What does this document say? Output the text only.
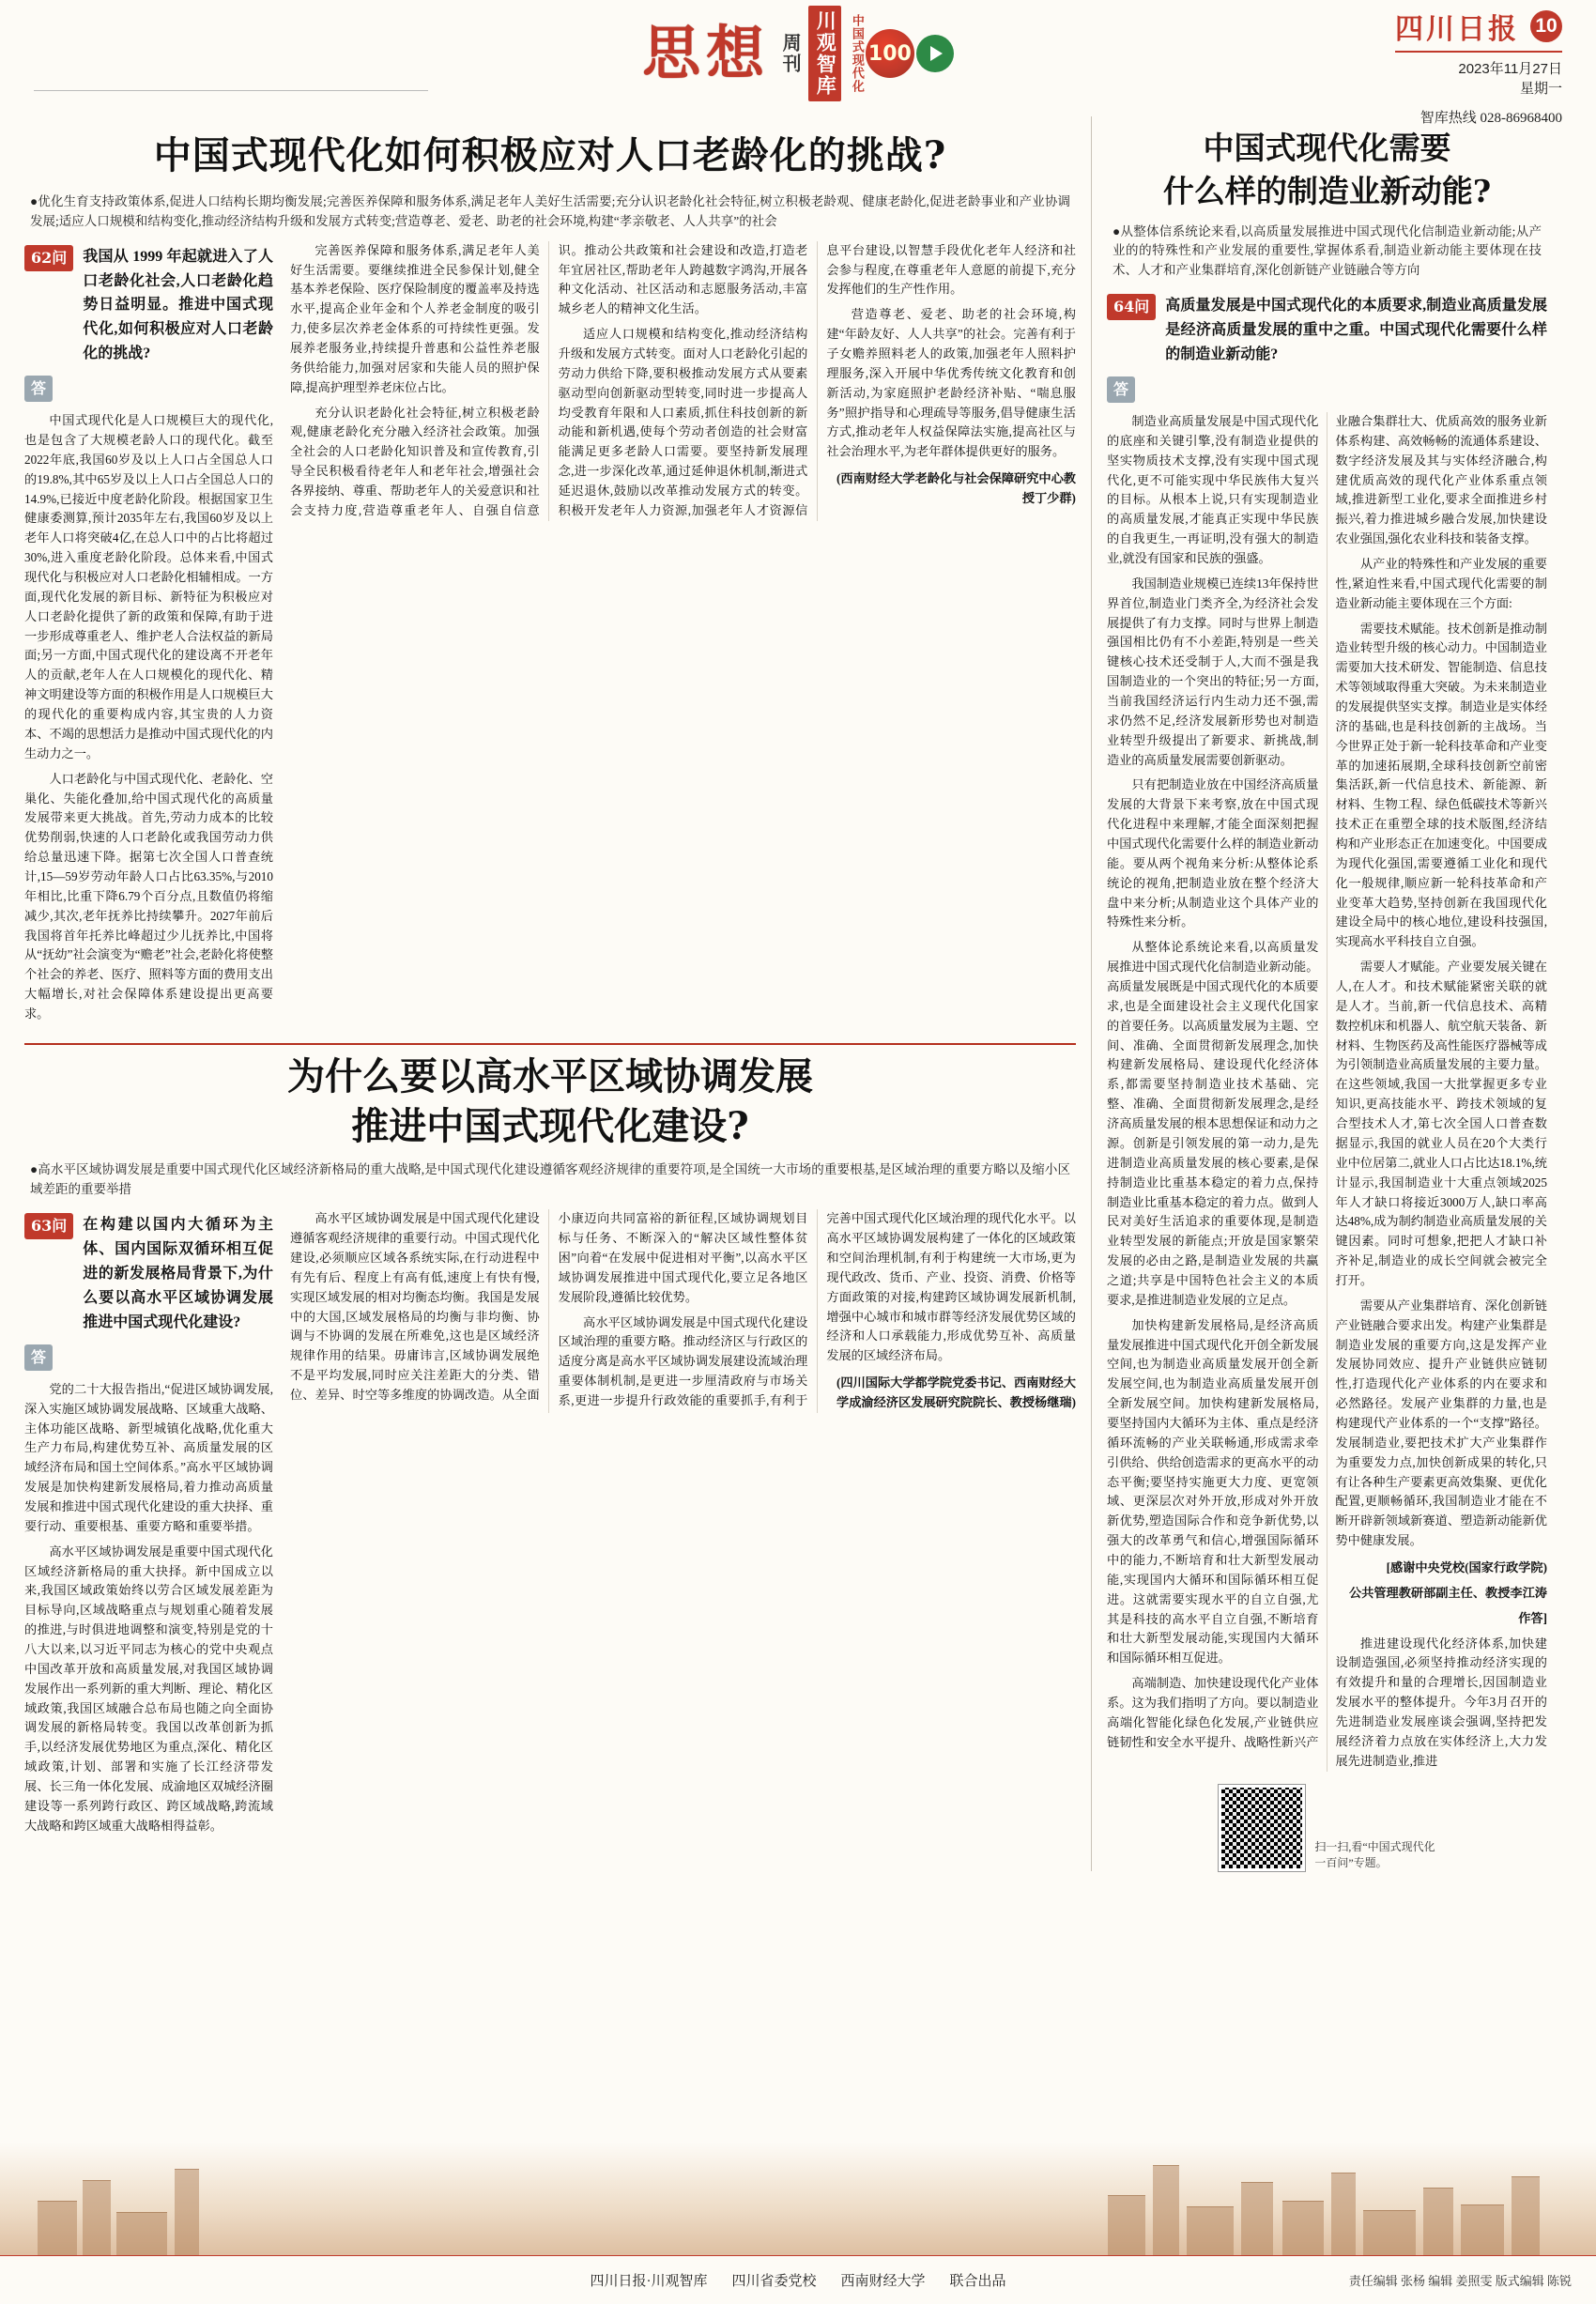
思想 周刊 川观智库	中国式现代化 100
四川日报 10
2023年11月27日
星期一
智库热线 028-86968400
中国式现代化如何积极应对人口老龄化的挑战?
●优化生育支持政策体系,促进人口结构长期均衡发展;完善医养保障和服务体系,满足老年人美好生活需要;充分认识老龄化社会特征,树立积极老龄观、健康老龄化,促进老龄事业和产业协调发展;适应人口规模和结构变化,推动经济结构升级和发展方式转变;营造尊老、爱老、助老的社会环境,构建“孝亲敬老、人人共享”的社会
62问	我国从 1999 年起就进入了人口老龄化社会,人口老龄化趋势日益明显。推进中国式现代化,如何积极应对人口老龄化的挑战?
答

中国式现代化是人口规模巨大的现代化,也是包含了大规模老龄人口的现代化。截至2022年底,我国60岁及以上人口占全国总人口的19.8%,其中65岁及以上人口占全国总人口的14.9%,已接近中度老龄化阶段。根据国家卫生健康委测算,预计2035年左右,我国60岁及以上老年人口将突破4亿,在总人口中的占比将超过30%,进入重度老龄化阶段。总体来看,中国式现代化与积极应对人口老龄化相辅相成。一方面,现代化发展的新目标、新特征为积极应对人口老龄化提供了新的政策和保障,有助于进一步形成尊重老人、维护老人合法权益的新局面;另一方面,中国式现代化的建设离不开老年人的贡献,老年人在人口规模化的现代化、精神文明建设等方面的积极作用是人口规模巨大的现代化的重要构成内容,其宝贵的人力资本、不竭的思想活力是推动中国式现代化的内生动力之一。

人口老龄化与中国式现代化、老龄化、空巢化、失能化叠加,给中国式现代化的高质量发展带来更大挑战。首先,劳动力成本的比较优势削弱,快速的人口老龄化或我国劳动力供给总量迅速下降。据第七次全国人口普查统计,15—59岁劳动年龄人口占比63.35%,与2010年相比,比重下降6.79个百分点,且数值仍将缩减少,其次,老年抚养比持续攀升。2027年前后我国将首年托养比峰超过少儿抚养比,中国将从“抚幼”社会演变为“赡老”社会,老龄化将使整个社会的养老、医疗、照料等方面的费用支出大幅增长,对社会保障体系建设提出更高要求。

完善医养保障和服务体系,满足老年人美好生活需要。要继续推进全民参保计划,健全基本养老保险、医疗保险制度的覆盖率及持选水平,提高企业年金和个人养老金制度的吸引力,使多层次养老金体系的可持续性更强。发展养老服务业,持续提升普惠和公益性养老服务供给能力,加强对居家和失能人员的照护保障,提高护理型养老床位占比。

充分认识老龄化社会特征,树立积极老龄观,健康老龄化充分融入经济社会政策。加强全社会的人口老龄化知识普及和宣传教育,引导全民积极看待老年人和老年社会,增强社会各界接纳、尊重、帮助老年人的关爱意识和社会支持力度,营造尊重老年人、自强自信意识。推动公共政策和社会建设和改造,打造老年宜居社区,帮助老年人跨越数字鸿沟,开展各种文化活动、社区活动和志愿服务活动,丰富城乡老人的精神文化生活。

适应人口规模和结构变化,推动经济结构升级和发展方式转变。面对人口老龄化引起的劳动力供给下降,要积极推动发展方式从要素驱动型向创新驱动型转变,同时进一步提高人均受教育年限和人口素质,抓住科技创新的新动能和新机遇,使每个劳动者创造的社会财富能满足更多老龄人口需要。要坚持新发展理念,进一步深化改革,通过延伸退休机制,渐进式延迟退休,鼓励以改革推动发展方式的转变。积极开发老年人力资源,加强老年人才资源信息平台建设,以智慧手段优化老年人经济和社会参与程度,在尊重老年人意愿的前提下,充分发挥他们的生产性作用。

营造尊老、爱老、助老的社会环境,构建“年龄友好、人人共享”的社会。完善有利于子女赡养照料老人的政策,加强老年人照料护理服务,深入开展中华优秀传统文化教育和创新活动,为家庭照护老龄经济补贴、“喘息服务”照护指导和心理疏导等服务,倡导健康生活方式,推动老年人权益保障法实施,提高社区与社会治理水平,为老年群体提供更好的服务。

(西南财经大学老龄化与社会保障研究中心教授丁少群)

为什么要以高水平区域协调发展
推进中国式现代化建设?
●高水平区域协调发展是重要中国式现代化区域经济新格局的重大战略,是中国式现代化建设遵循客观经济规律的重要符项,是全国统一大市场的重要根基,是区域治理的重要方略以及缩小区域差距的重要举措
63问	在构建以国内大循环为主体、国内国际双循环相互促进的新发展格局背景下,为什么要以高水平区域协调发展推进中国式现代化建设?
答

党的二十大报告指出,“促进区域协调发展,深入实施区域协调发展战略、区域重大战略、主体功能区战略、新型城镇化战略,优化重大生产力布局,构建优势互补、高质量发展的区域经济布局和国土空间体系。”高水平区域协调发展是加快构建新发展格局,着力推动高质量发展和推进中国式现代化建设的重大抉择、重要行动、重要根基、重要方略和重要举措。

高水平区域协调发展是重要中国式现代化区域经济新格局的重大抉择。新中国成立以来,我国区域政策始终以劳合区域发展差距为目标导向,区域战略重点与规划重心随着发展的推进,与时俱进地调整和演变,特别是党的十八大以来,以习近平同志为核心的党中央观点中国改革开放和高质量发展,对我国区域协调发展作出一系列新的重大判断、理论、精化区域政策,我国区域融合总布局也随之向全面协调发展的新格局转变。我国以改革创新为抓手,以经济发展优势地区为重点,深化、精化区域政策,计划、部署和实施了长江经济带发展、长三角一体化发展、成渝地区双城经济圈建设等一系列跨行政区、跨区域战略,跨流域大战略和跨区域重大战略相得益彰。

高水平区域协调发展是中国式现代化建设遵循客观经济规律的重要行动。中国式现代化建设,必须顺应区域各系统实际,在行动进程中有先有后、程度上有高有低,速度上有快有慢,实现区域发展的相对均衡态均衡。我国是发展中的大国,区域发展格局的均衡与非均衡、协调与不协调的发展在所难免,这也是区域经济规律作用的结果。毋庸讳言,区域协调发展绝不是平均发展,同时应关注差距大的分类、错位、差异、时空等多维度的协调改造。从全面小康迈向共同富裕的新征程,区域协调规划目标与任务、不断深入的“解决区域性整体贫困”向着“在发展中促进相对平衡”,以高水平区域协调发展推进中国式现代化,要立足各地区发展阶段,遵循比较优势。

高水平区域协调发展是中国式现代化建设区域治理的重要方略。推动经济区与行政区的适度分离是高水平区域协调发展建设流域治理重要体制机制,是更进一步厘清政府与市场关系,更进一步提升行政效能的重要抓手,有利于完善中国式现代化区域治理的现代化水平。以高水平区域协调发展构建了一体化的区域政策和空间治理机制,有利于构建统一大市场,更为现代政改、货币、产业、投资、消费、价格等方面政策的对接,构建跨区域协调发展新机制,增强中心城市和城市群等经济发展优势区域的经济和人口承载能力,形成优势互补、高质量发展的区域经济布局。

(四川国际大学都学院党委书记、西南财经大学成渝经济区发展研究院院长、教授杨继瑞)

中国式现代化需要
什么样的制造业新动能?
●从整体信系统论来看,以高质量发展推进中国式现代化信制造业新动能;从产业的的特殊性和产业发展的重要性,掌握体系看,制造业新动能主要体现在技术、人才和产业集群培育,深化创新链产业链融合等方向
64问	高质量发展是中国式现代化的本质要求,制造业高质量发展是经济高质量发展的重中之重。中国式现代化需要什么样的制造业新动能?
答

制造业高质量发展是中国式现代化的底座和关键引擎,没有制造业提供的坚实物质技术支撑,没有实现中国式现代化,更不可能实现中华民族伟大复兴的目标。从根本上说,只有实现制造业的高质量发展,才能真正实现中华民族的自我更生,一再证明,没有强大的制造业,就没有国家和民族的强盛。

我国制造业规模已连续13年保持世界首位,制造业门类齐全,为经济社会发展提供了有力支撑。同时与世界上制造强国相比仍有不小差距,特别是一些关键核心技术还受制于人,大而不强是我国制造业的一个突出的特征;另一方面,当前我国经济运行内生动力还不强,需求仍然不足,经济发展新形势也对制造业转型升级提出了新要求、新挑战,制造业的高质量发展需要创新驱动。

只有把制造业放在中国经济高质量发展的大背景下来考察,放在中国式现代化进程中来理解,才能全面深刻把握中国式现代化需要什么样的制造业新动能。要从两个视角来分析:从整体论系统论的视角,把制造业放在整个经济大盘中来分析;从制造业这个具体产业的特殊性来分析。

从整体论系统论来看,以高质量发展推进中国式现代化信制造业新动能。高质量发展既是中国式现代化的本质要求,也是全面建设社会主义现代化国家的首要任务。以高质量发展为主题、空间、准确、全面贯彻新发展理念,加快构建新发展格局、建设现代化经济体系,都需要坚持制造业技术基础、完整、准确、全面贯彻新发展理念,是经济高质量发展的根本思想保证和动力之源。创新是引领发展的第一动力,是先进制造业高质量发展的核心要素,是保持制造业比重基本稳定的着力点,保持制造业比重基本稳定的着力点。做到人民对美好生活追求的重要体现,是制造业转型发展的新能点;开放是国家繁荣发展的必由之路,是制造业发展的共赢之道;共享是中国特色社会主义的本质要求,是推进制造业发展的立足点。

加快构建新发展格局,是经济高质量发展推进中国式现代化开创全新发展空间,也为制造业高质量发展开创全新发展空间,也为制造业高质量发展开创全新发展空间。加快构建新发展格局,要坚持国内大循环为主体、重点是经济循环流畅的产业关联畅通,形成需求牵引供给、供给创造需求的更高水平的动态平衡;要坚持实施更大力度、更宽领域、更深层次对外开放,形成对外开放新优势,塑造国际合作和竞争新优势,以强大的改革勇气和信心,增强国际循环中的能力,不断培育和壮大新型发展动能,实现国内大循环和国际循环相互促进。这就需要实现水平的自立自强,尤其是科技的高水平自立自强,不断培育和壮大新型发展动能,实现国内大循环和国际循环相互促进。

高端制造、加快建设现代化产业体系。这为我们指明了方向。要以制造业高端化智能化绿色化发展,产业链供应链韧性和安全水平提升、战略性新兴产业融合集群壮大、优质高效的服务业新体系构建、高效畅畅的流通体系建设、数字经济发展及其与实体经济融合,构建优质高效的现代化产业体系重点领域,推进新型工业化,要求全面推进乡村振兴,着力推进城乡融合发展,加快建设农业强国,强化农业科技和装备支撑。

从产业的特殊性和产业发展的重要性,紧迫性来看,中国式现代化需要的制造业新动能主要体现在三个方面:

需要技术赋能。技术创新是推动制造业转型升级的核心动力。中国制造业需要加大技术研发、智能制造、信息技术等领域取得重大突破。为未来制造业的发展提供坚实支撑。制造业是实体经济的基础,也是科技创新的主战场。当今世界正处于新一轮科技革命和产业变革的加速拓展期,全球科技创新空前密集活跃,新一代信息技术、新能源、新材料、生物工程、绿色低碳技术等新兴技术正在重塑全球的技术版图,经济结构和产业形态正在加速变化。中国要成为现代化强国,需要遵循工业化和现代化一般规律,顺应新一轮科技革命和产业变革大趋势,坚持创新在我国现代化建设全局中的核心地位,建设科技强国,实现高水平科技自立自强。

需要人才赋能。产业要发展关键在人,在人才。和技术赋能紧密关联的就是人才。当前,新一代信息技术、高精数控机床和机器人、航空航天装备、新材料、生物医药及高性能医疗器械等成为引领制造业高质量发展的主要力量。在这些领域,我国一大批掌握更多专业知识,更高技能水平、跨技术领域的复合型技术人才,第七次全国人口普查数据显示,我国的就业人员在20个大类行业中位居第二,就业人口占比达18.1%,统计显示,我国制造业十大重点领域2025年人才缺口将接近3000万人,缺口率高达48%,成为制约制造业高质量发展的关键因素。同时可想象,把把人才缺口补齐补足,制造业的成长空间就会被完全打开。

需要从产业集群培育、深化创新链产业链融合要求出发。构建产业集群是制造业发展的重要方向,这是发挥产业发展协同效应、提升产业链供应链韧性,打造现代化产业体系的内在要求和必然路径。发展产业集群的力量,也是构建现代产业体系的一个“支撑”路径。发展制造业,要把技术扩大产业集群作为重要发力点,加快创新成果的转化,只有让各种生产要素更高效集聚、更优化配置,更顺畅循环,我国制造业才能在不断开辟新领域新赛道、塑造新动能新优势中健康发展。

[感谢中央党校(国家行政学院)

公共管理教研部副主任、教授李江涛

作答]

推进建设现代化经济体系,加快建设制造强国,必须坚持推动经济实现的有效提升和量的合理增长,因国制造业发展水平的整体提升。今年3月召开的先进制造业发展座谈会强调,坚持把发展经济着力点放在实体经济上,大力发展先进制造业,推进

扫一扫,看“中国式现代化
一百问”专题。
四川日报·川观智库 四川省委党校 西南财经大学 联合出品	责任编辑 张杨 编辑 姜照雯 版式编辑 陈锐
